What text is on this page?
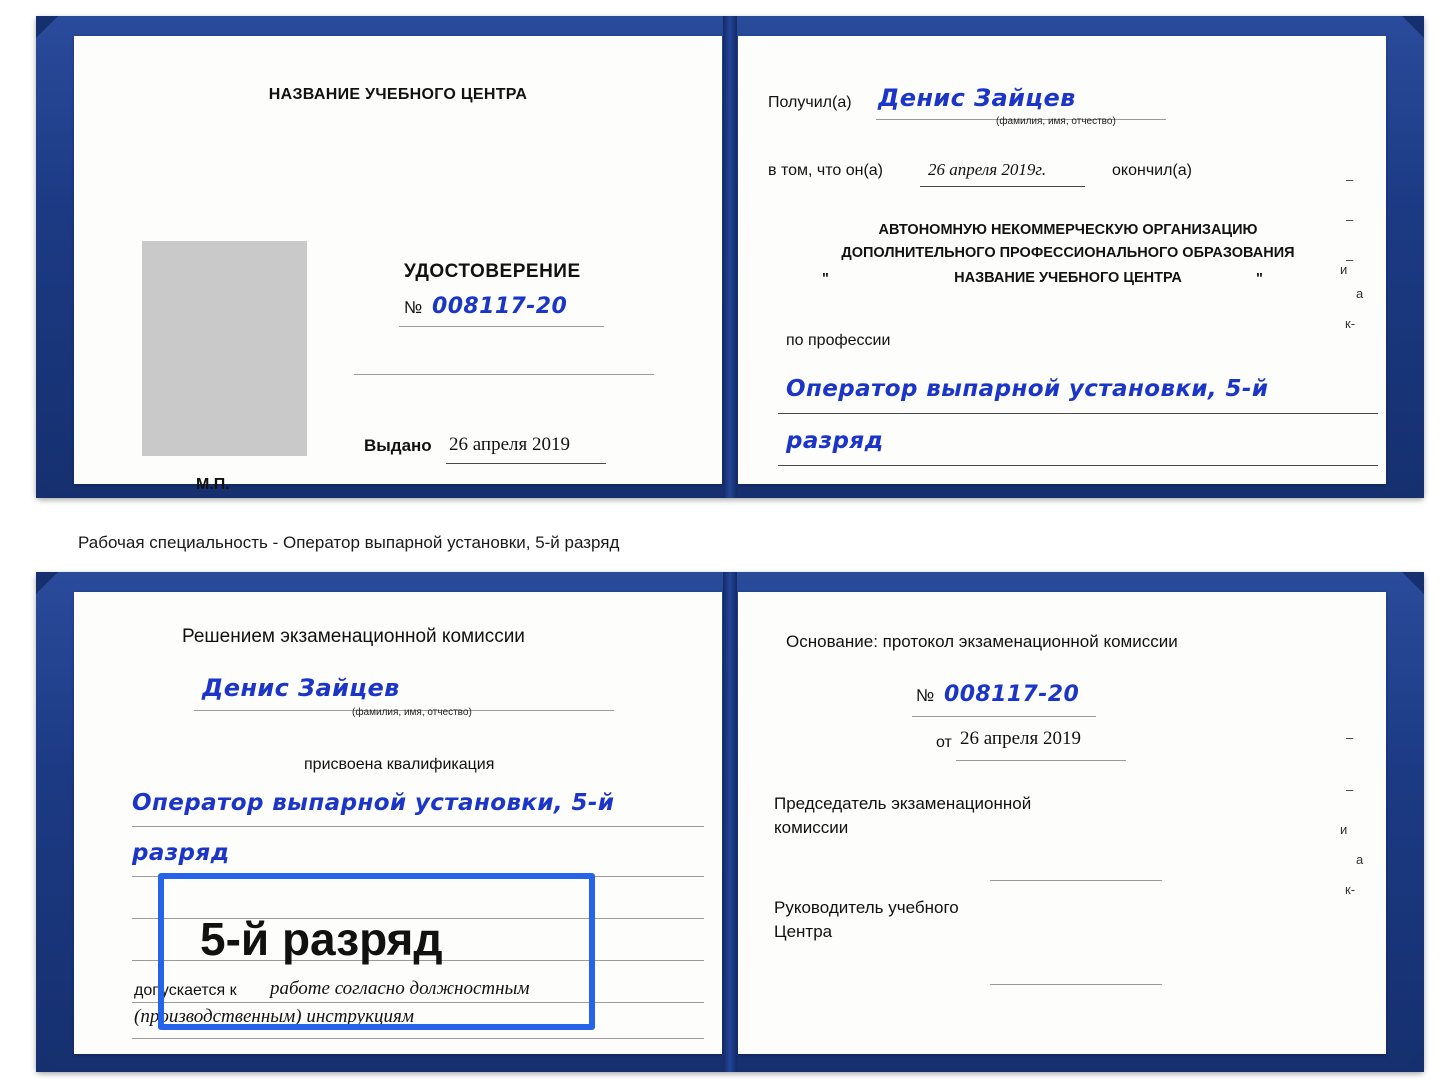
НАЗВАНИЕ УЧЕБНОГО ЦЕНТРА
УДОСТОВЕРЕНИЕ
№ 008117-20
Выдано 26 апреля 2019
М.П.
Получил(а) Денис Зайцев
(фамилия, имя, отчество)
в том, что он(а)	26 апреля 2019г.	окончил(а)
АВТОНОМНУЮ НЕКОММЕРЧЕСКУЮ ОРГАНИЗАЦИЮ
ДОПОЛНИТЕЛЬНОГО ПРОФЕССИОНАЛЬНОГО ОБРАЗОВАНИЯ
"	НАЗВАНИЕ УЧЕБНОГО ЦЕНТРА	"
по профессии
Оператор выпарной установки, 5-й
разряд
–
–
–
и
а
к-
Рабочая специальность - Оператор выпарной установки, 5-й разряд
Решением экзаменационной комиссии
Денис Зайцев
(фамилия, имя, отчество)
присвоена квалификация
Оператор выпарной установки, 5-й
разряд
допускается к работе согласно должностным
(производственным) инструкциям
Основание: протокол экзаменационной комиссии
№ 008117-20
от 26 апреля 2019
Председатель экзаменационной
комиссии
Руководитель учебного
Центра
–
–
и
а
к-
5-й разряд
